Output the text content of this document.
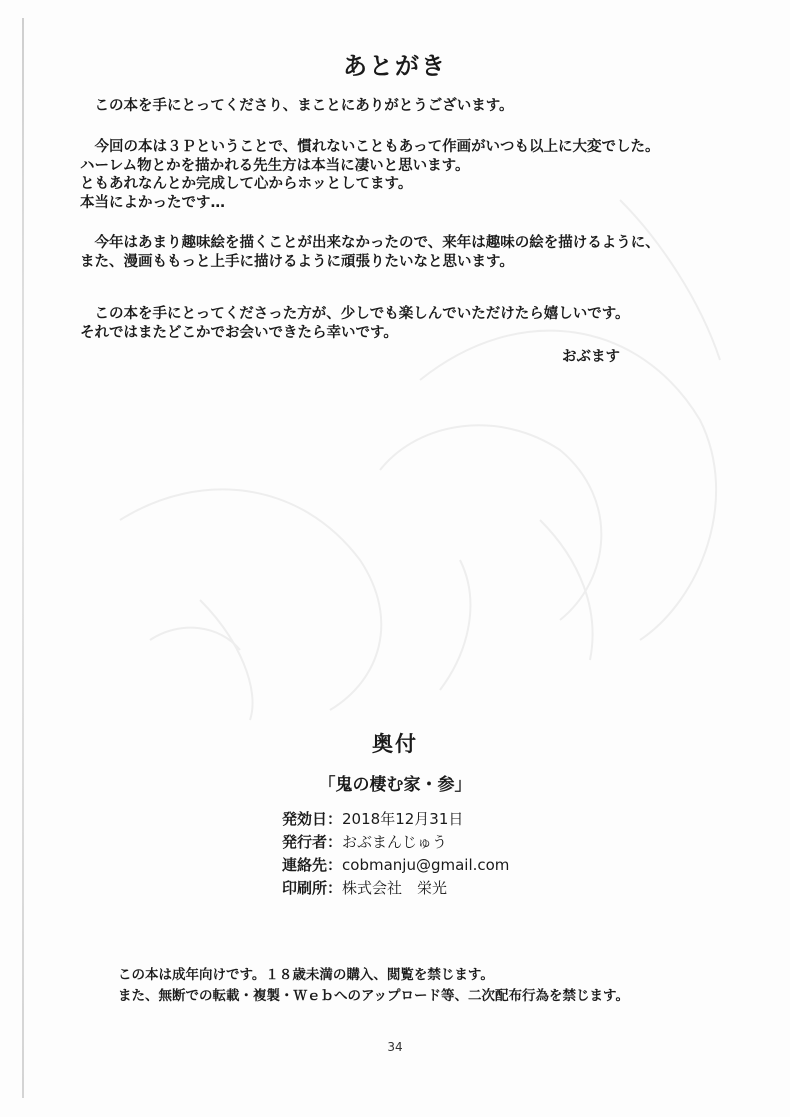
あとがき
　この本を手にとってくださり、まことにありがとうございます。
　今回の本は３Ｐということで、慣れないこともあって作画がいつも以上に大変でした。
ハーレム物とかを描かれる先生方は本当に凄いと思います。
ともあれなんとか完成して心からホッとしてます。
本当によかったです…
　今年はあまり趣味絵を描くことが出来なかったので、来年は趣味の絵を描けるように、
また、漫画ももっと上手に描けるように頑張りたいなと思います。
　この本を手にとってくださった方が、少しでも楽しんでいただけたら嬉しいです。
それではまたどこかでお会いできたら幸いです。
おぶます
奥付
「鬼の棲む家・参」
発効日：2018年12月31日
発行者：おぶまんじゅう
連絡先：cobmanju@gmail.com
印刷所：株式会社　栄光
この本は成年向けです。１８歳未満の購入、閲覧を禁じます。
また、無断での転載・複製・Ｗｅｂへのアップロード等、二次配布行為を禁じます。
34
